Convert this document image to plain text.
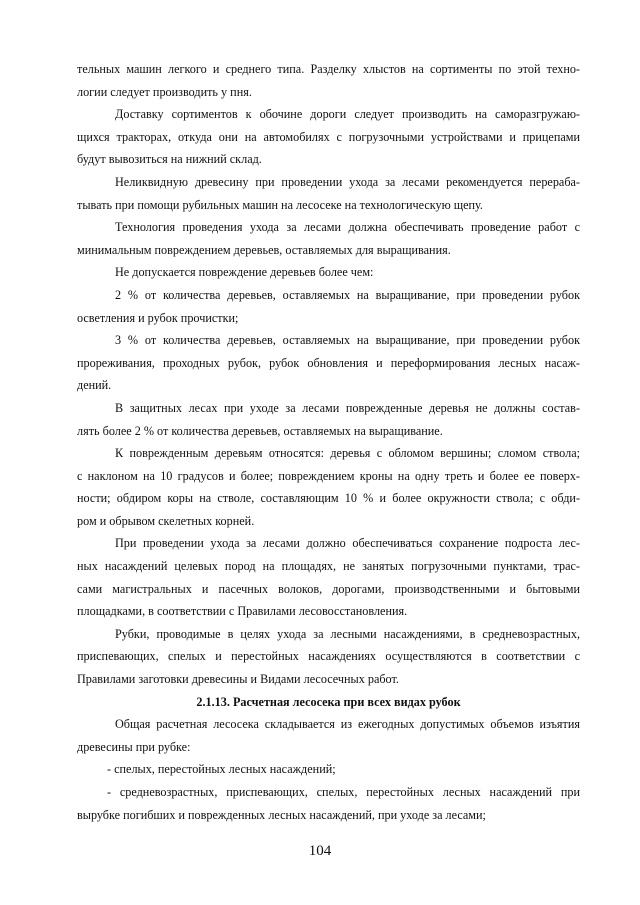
тельных машин легкого и среднего типа. Разделку хлыстов на сортименты по этой техно-
логии следует производить у пня.
Доставку сортиментов к обочине дороги следует производить на саморазгружаю-
щихся тракторах, откуда они на автомобилях с погрузочными устройствами и прицепами
будут вывозиться на нижний склад.
Неликвидную древесину при проведении ухода за лесами рекомендуется перераба-
тывать при помощи рубильных машин на лесосеке на технологическую щепу.
Технология проведения ухода за лесами должна обеспечивать проведение работ с
минимальным повреждением деревьев, оставляемых для выращивания.
Не допускается повреждение деревьев более чем:
2 % от количества деревьев, оставляемых на выращивание, при проведении рубок
осветления и рубок прочистки;
3 % от количества деревьев, оставляемых на выращивание, при проведении рубок
прореживания, проходных рубок, рубок обновления и переформирования лесных насаж-
дений.
В защитных лесах при уходе за лесами поврежденные деревья не должны состав-
лять более 2 % от количества деревьев, оставляемых на выращивание.
К поврежденным деревьям относятся: деревья с обломом вершины; сломом ствола;
с наклоном на 10 градусов и более; повреждением кроны на одну треть и более ее поверх-
ности; обдиром коры на стволе, составляющим 10 % и более окружности ствола; с обди-
ром и обрывом скелетных корней.
При проведении ухода за лесами должно обеспечиваться сохранение подроста лес-
ных насаждений целевых пород на площадях, не занятых погрузочными пунктами, трас-
сами магистральных и пасечных волоков, дорогами, производственными и бытовыми
площадками, в соответствии с Правилами лесовосстановления.
Рубки, проводимые в целях ухода за лесными насаждениями, в средневозрастных,
приспевающих, спелых и перестойных насаждениях осуществляются в соответствии с
Правилами заготовки древесины и Видами лесосечных работ.
2.1.13. Расчетная лесосека при всех видах рубок
Общая расчетная лесосека складывается из ежегодных допустимых объемов изъятия
древесины при рубке:
- спелых, перестойных лесных насаждений;
- средневозрастных, приспевающих, спелых, перестойных лесных насаждений при
вырубке погибших и поврежденных лесных насаждений, при уходе за лесами;
104
